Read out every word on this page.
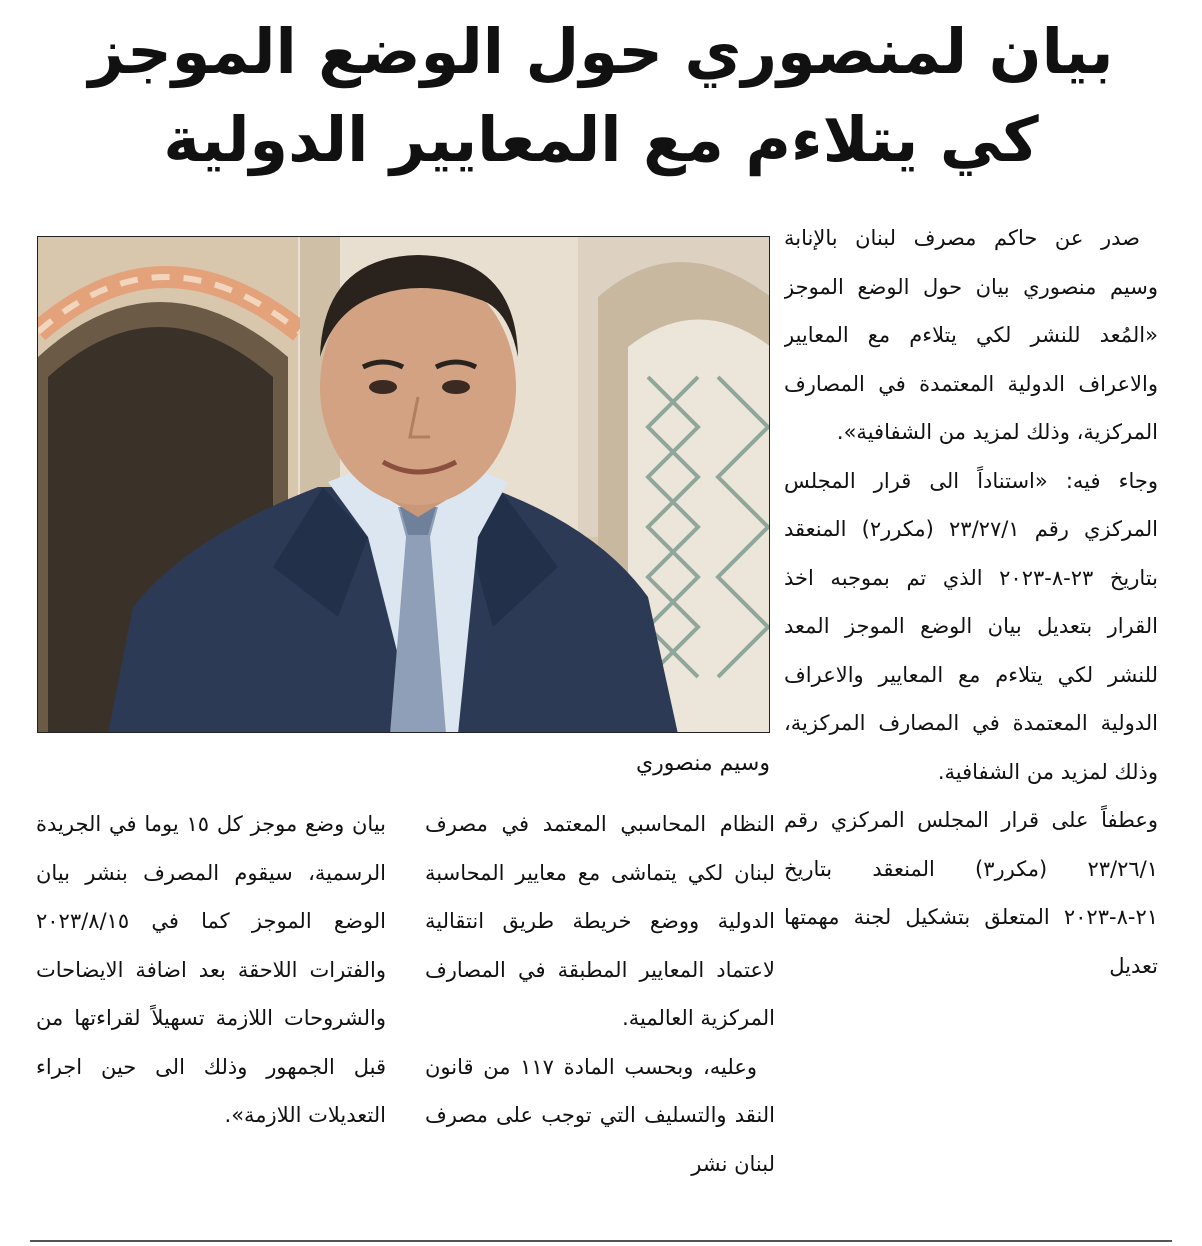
بيان لمنصوري حول الوضع الموجز
كي يتلاءم مع المعايير الدولية

صدر عن حاكم مصرف لبنان بالإنابة وسيم منصوري بيان حول الوضع الموجز «المُعد للنشر لكي يتلاءم مع المعايير والاعراف الدولية المعتمدة في المصارف المركزية، وذلك لمزيد من الشفافية».

وجاء فيه: «استناداً الى قرار المجلس المركزي رقم ٢٣/٢٧/١ (مكرر٢) المنعقد بتاريخ ٢٣-٨-٢٠٢٣ الذي تم بموجبه اخذ القرار بتعديل بيان الوضع الموجز المعد للنشر لكي يتلاءم مع المعايير والاعراف الدولية المعتمدة في المصارف المركزية، وذلك لمزيد من الشفافية.

وعطفاً على قرار المجلس المركزي رقم ٢٣/٢٦/١ (مكرر٣) المنعقد بتاريخ ٢١-٨-٢٠٢٣ المتعلق بتشكيل لجنة مهمتها تعديل

وسيم منصوري

النظام المحاسبي المعتمد في مصرف لبنان لكي يتماشى مع معايير المحاسبة الدولية ووضع خريطة طريق انتقالية لاعتماد المعايير المطبقة في المصارف المركزية العالمية.

وعليه، وبحسب المادة ١١٧ من قانون النقد والتسليف التي توجب على مصرف لبنان نشر

بيان وضع موجز كل ١٥ يوما في الجريدة الرسمية، سيقوم المصرف بنشر بيان الوضع الموجز كما في ٢٠٢٣/٨/١٥ والفترات اللاحقة بعد اضافة الايضاحات والشروحات اللازمة تسهيلاً لقراءتها من قبل الجمهور وذلك الى حين اجراء التعديلات اللازمة».
